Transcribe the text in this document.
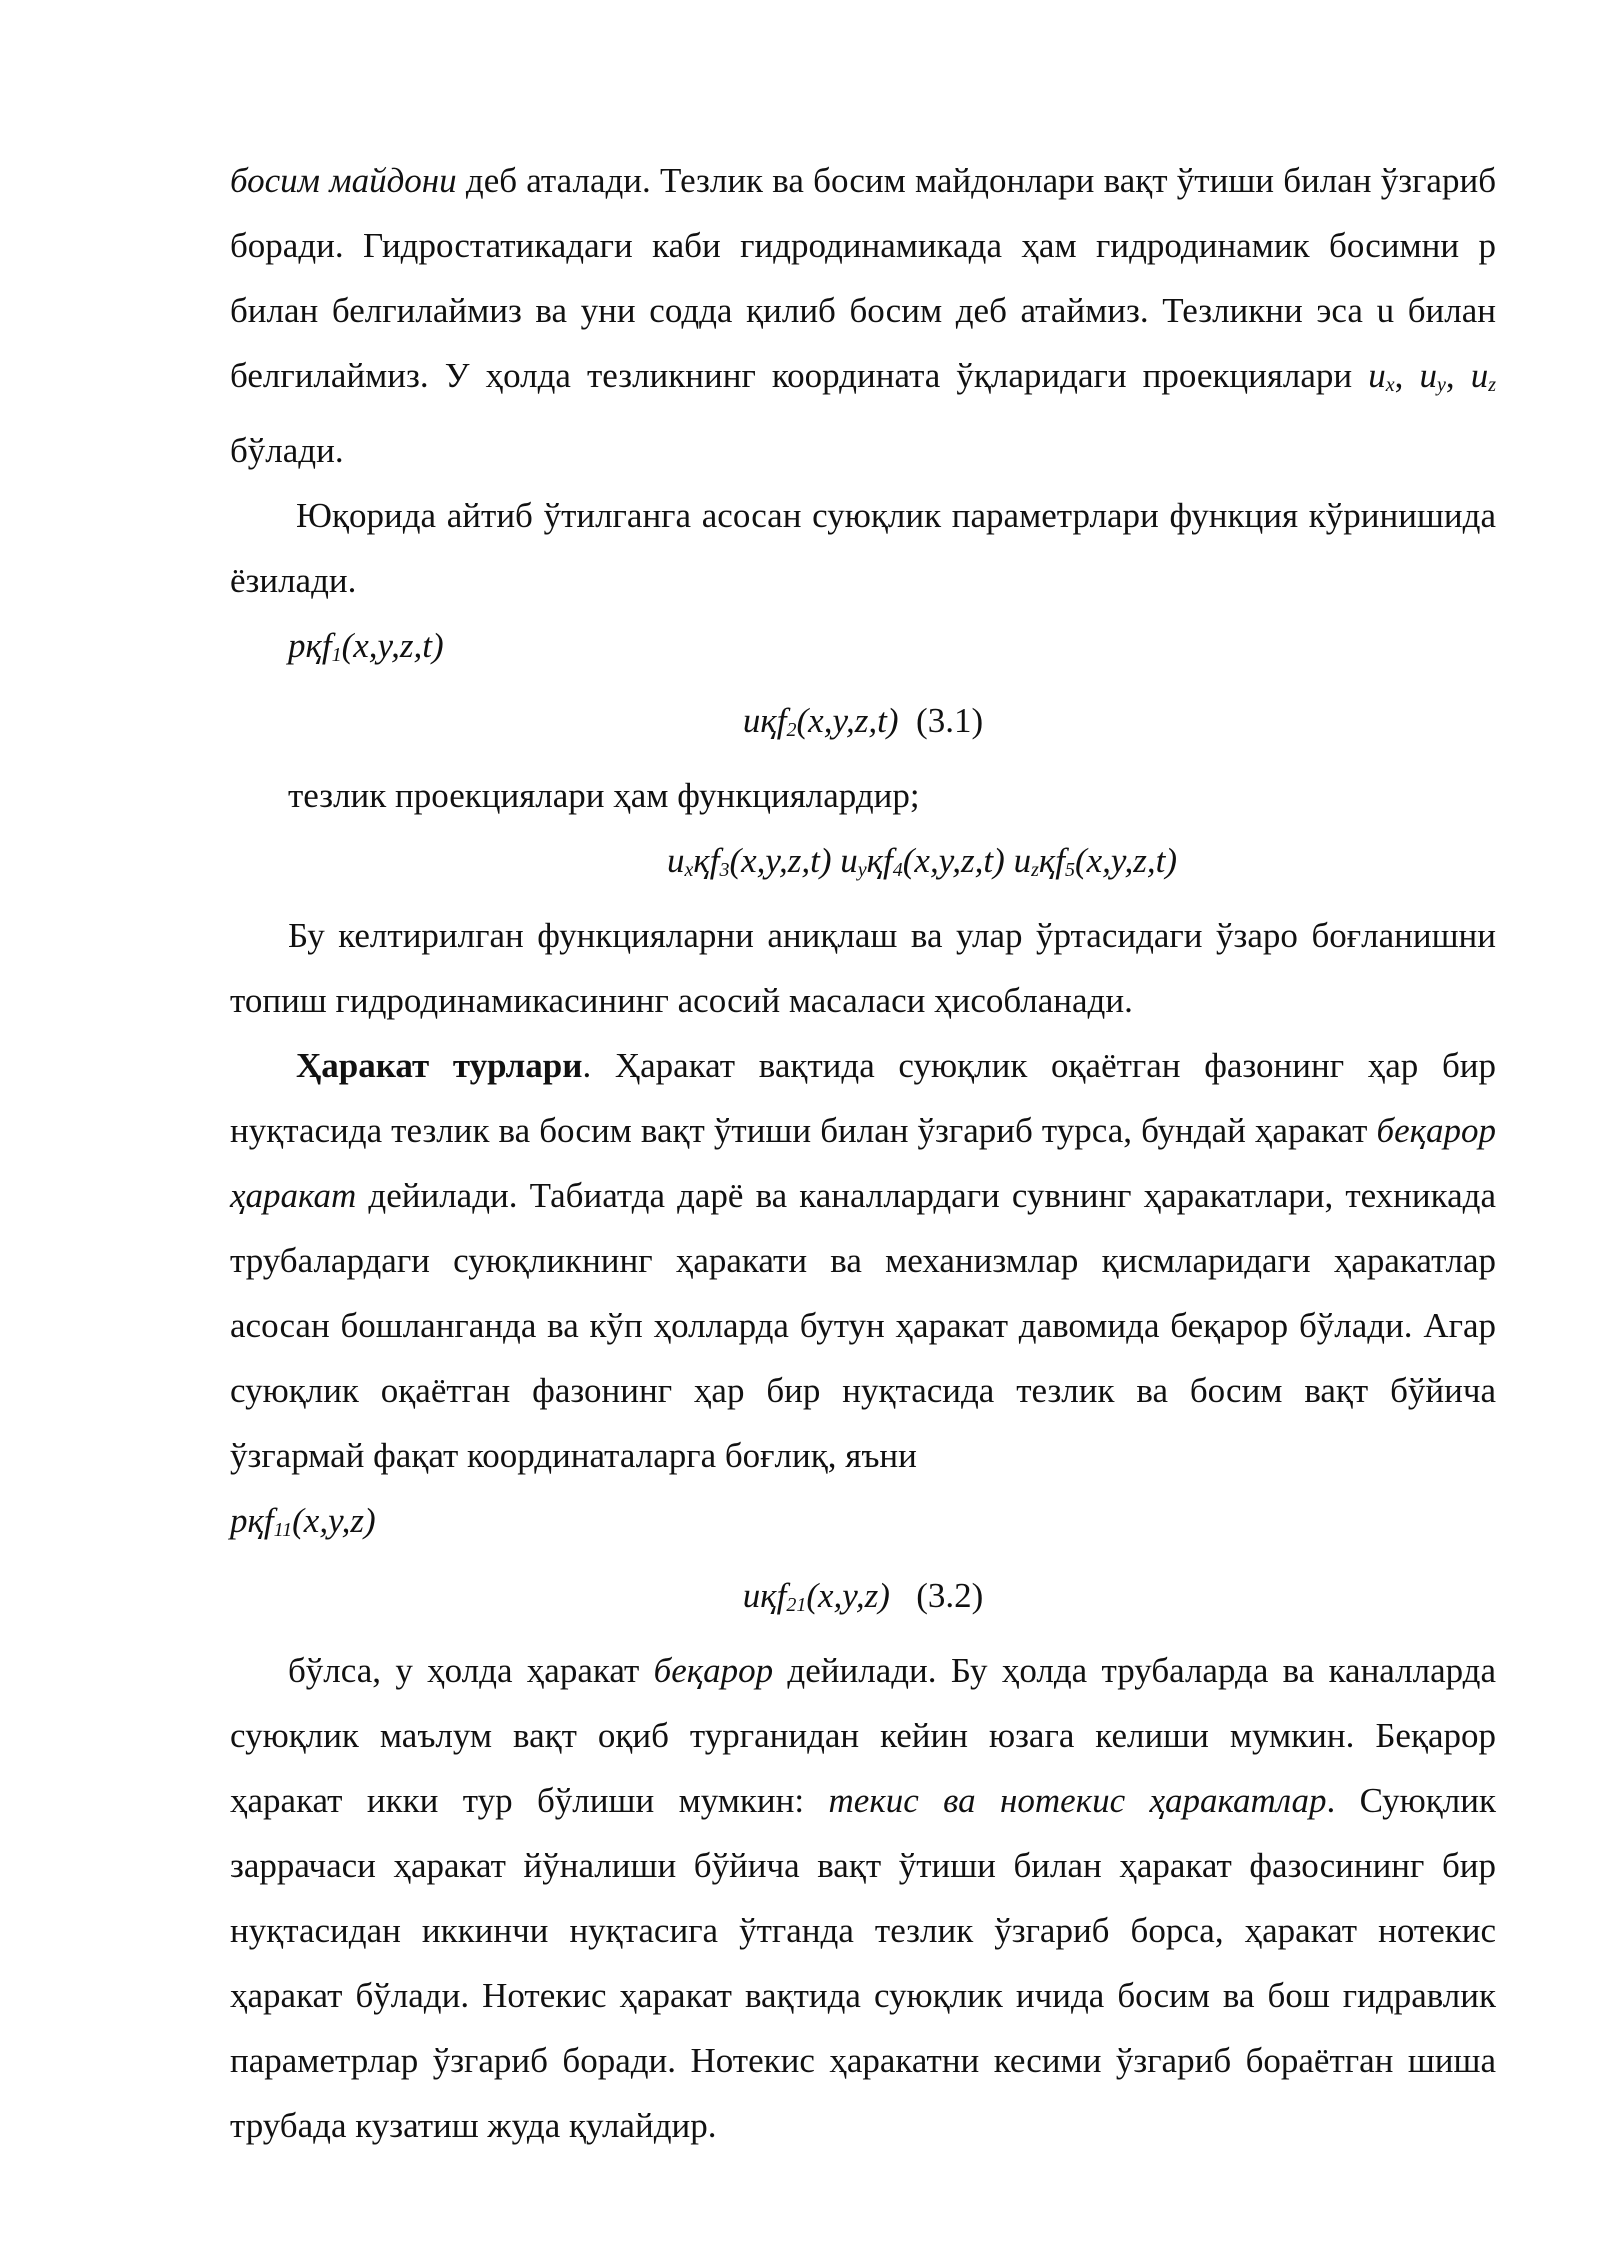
босим майдони деб аталади. Тезлик ва босим майдонлари вақт ўтиши билан ўзгариб боради. Гидростатикадаги каби гидродинамикада ҳам гидродинамик босимни р билан белгилаймиз ва уни содда қилиб босим деб атаймиз. Тезликни эса u билан белгилаймиз. У ҳолда тезликнинг координата ўқларидаги проекциялари ux, uy, uz бўлади.

Юқорида айтиб ўтилганга асосан суюқлик параметрлари функция кўринишида ёзилади.

рқf1(x,y,z,t)

uқf2(x,y,z,t)  (3.1)

тезлик проекциялари ҳам функциялардир;

uxқf3(x,y,z,t) uyқf4(x,y,z,t) uzқf5(x,y,z,t)

Бу келтирилган функцияларни аниқлаш ва улар ўртасидаги ўзаро боғланишни топиш гидродинамикасининг асосий масаласи ҳисобланади.

Ҳаракат турлари. Ҳаракат вақтида суюқлик оқаётган фазонинг ҳар бир нуқтасида тезлик ва босим вақт ўтиши билан ўзгариб турса, бундай ҳаракат беқарор ҳаракат дейилади. Табиатда дарё ва каналлардаги сувнинг ҳаракатлари, техникада трубалардаги суюқликнинг ҳаракати ва механизмлар қисмларидаги ҳаракатлар асосан бошланганда ва кўп ҳолларда бутун ҳаракат давомида беқарор бўлади. Агар суюқлик оқаётган фазонинг ҳар бир нуқтасида тезлик ва босим вақт бўйича ўзгармай фақат координаталарга боғлиқ, яъни

рқf11(x,y,z)

uқf21(x,y,z)   (3.2)

бўлса, у ҳолда ҳаракат беқарор дейилади. Бу ҳолда трубаларда ва каналларда суюқлик маълум вақт оқиб турганидан кейин юзага келиши мумкин. Беқарор ҳаракат икки тур бўлиши мумкин: текис ва нотекис ҳаракатлар. Суюқлик заррачаси ҳаракат йўналиши бўйича вақт ўтиши билан ҳаракат фазосининг бир нуқтасидан иккинчи нуқтасига ўтганда тезлик ўзгариб борса, ҳаракат нотекис ҳаракат бўлади. Нотекис ҳаракат вақтида суюқлик ичида босим ва бош гидравлик параметрлар ўзгариб боради. Нотекис ҳаракатни кесими ўзгариб бораётган шиша трубада кузатиш жуда қулайдир.
